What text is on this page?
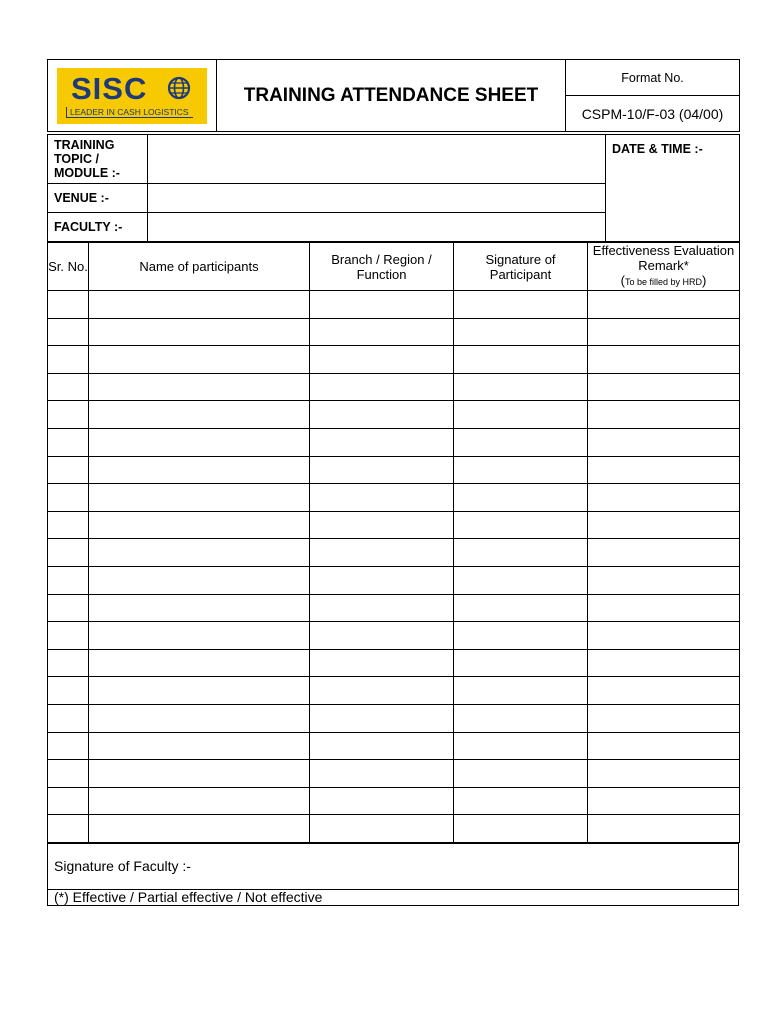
SISC
LEADER IN CASH LOGISTICS
	TRAINING ATTENDANCE SHEET	Format No.
CSPM-10/F-03 (04/00)
TRAINING TOPIC / MODULE :-		DATE & TIME :-
VENUE :-		
FACULTY :-		
Sr. No.	Name of participants	Branch / Region / Function	Signature of Participant	Effectiveness Evaluation Remark*
(To be filled by HRD)

Signature of Faculty :-
(*) Effective / Partial effective / Not effective
